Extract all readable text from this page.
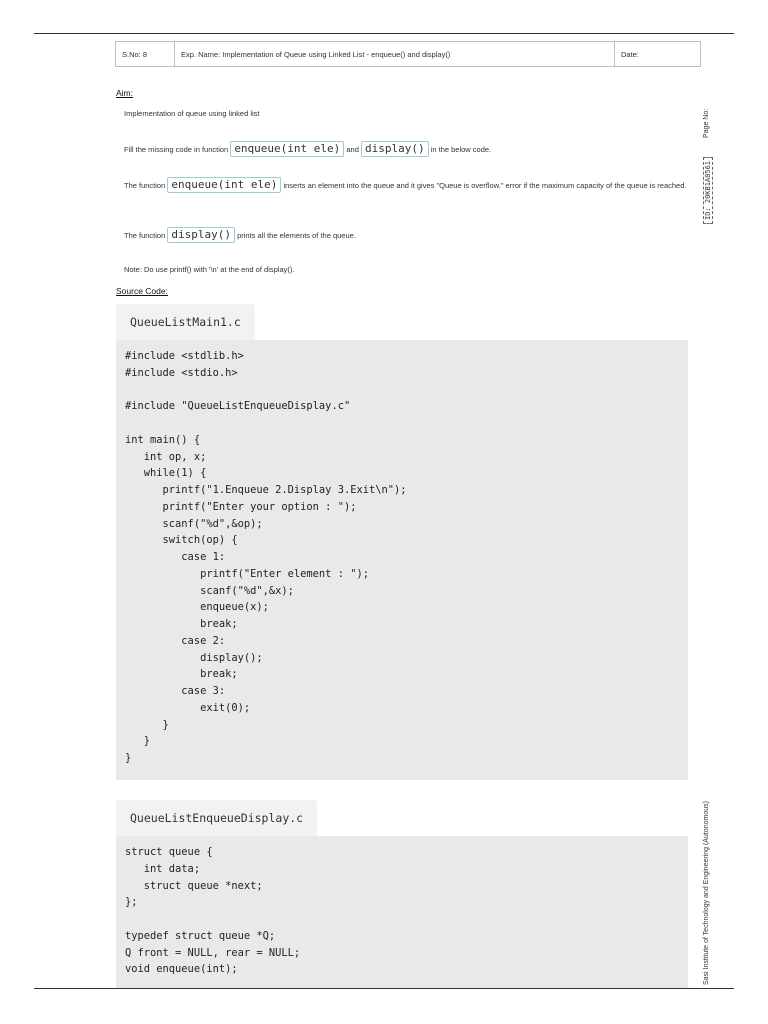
S.No: 8	Exp. Name: Implementation of Queue using Linked List - enqueue() and display()	Date:
Aim:
Implementation of queue using linked list
Fill the missing code in function enqueue(int ele) and display() in the below code.
The function enqueue(int ele) inserts an element into the queue and it gives "Queue is overflow." error if the maximum capacity of the queue is reached.
The function display() prints all the elements of the queue.
Note: Do use printf() with '\n' at the end of display().
Source Code:
QueueListMain1.c
#include <stdlib.h>
#include <stdio.h>

#include "QueueListEnqueueDisplay.c"

int main() {
int op, x;
while(1) {
printf("1.Enqueue 2.Display 3.Exit\n");
printf("Enter your option : ");
scanf("%d",&op);
switch(op) {
case 1:
printf("Enter element : ");
scanf("%d",&x);
enqueue(x);
break;
case 2:
display();
break;
case 3:
exit(0);
}
}
}
QueueListEnqueueDisplay.c
struct queue {
int data;
struct queue *next;
};

typedef struct queue *Q;
Q front = NULL, rear = NULL;
void enqueue(int);
Page No:
ID: 20KB1A0561
Sasi Institute of Technology and Engineering (Autonomous)
